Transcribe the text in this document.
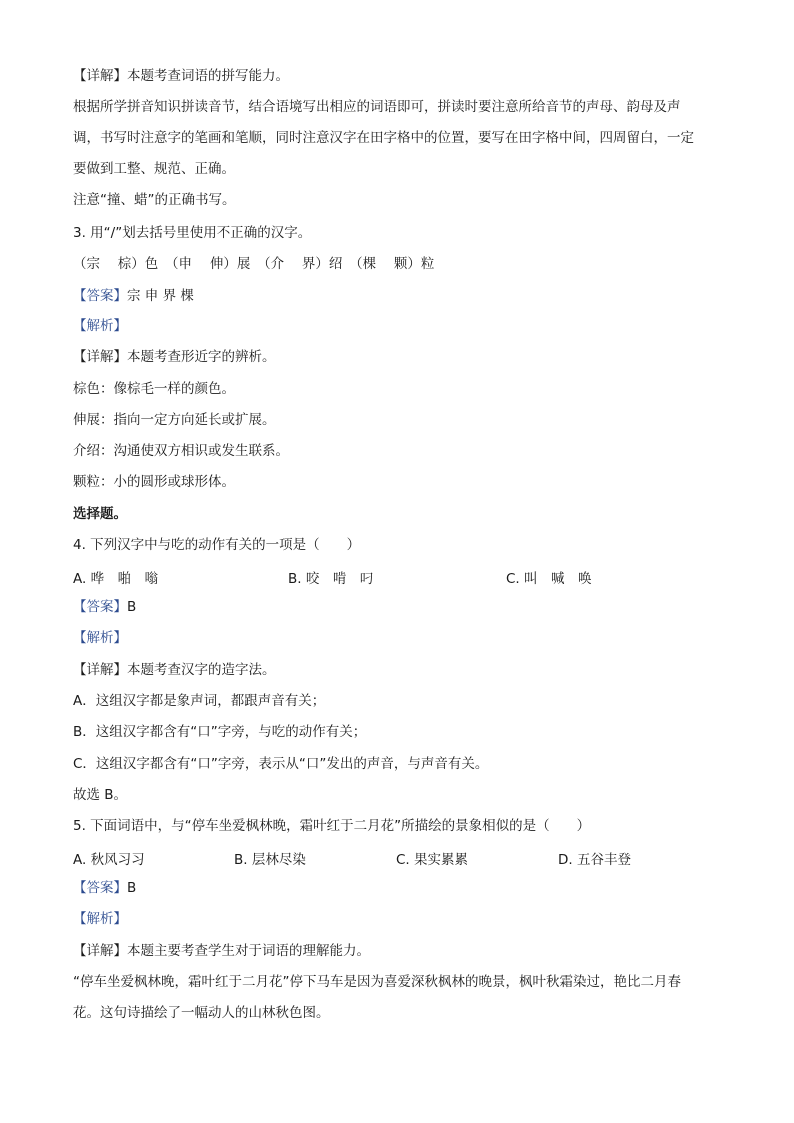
【详解】本题考查词语的拼写能力。
根据所学拼音知识拼读音节，结合语境写出相应的词语即可，拼读时要注意所给音节的声母、韵母及声
调，书写时注意字的笔画和笔顺，同时注意汉字在田字格中的位置，要写在田字格中间，四周留白，一定
要做到工整、规范、正确。
注意“撞、蜡”的正确书写。
3. 用“/”划去括号里使用不正确的汉字。
（宗　 棕）色　（申　 伸）展　（介　 界）绍　（棵　 颗）粒
【答案】宗 申 界 棵
【解析】
【详解】本题考查形近字的辨析。
棕色：像棕毛一样的颜色。
伸展：指向一定方向延长或扩展。
介绍：沟通使双方相识或发生联系。
颗粒：小的圆形或球形体。
选择题。
4. 下列汉字中与吃的动作有关的一项是（　　）
A. 哗　啪　嗡	B. 咬　啃　叼	C. 叫　喊　唤
【答案】B
【解析】
【详解】本题考查汉字的造字法。
A．这组汉字都是象声词，都跟声音有关；
B．这组汉字都含有“口”字旁，与吃的动作有关；
C．这组汉字都含有“口”字旁，表示从“口”发出的声音，与声音有关。
故选 B。
5. 下面词语中，与“停车坐爱枫林晚，霜叶红于二月花”所描绘的景象相似的是（　　）
A. 秋风习习	B. 层林尽染	C. 果实累累	D. 五谷丰登
【答案】B
【解析】
【详解】本题主要考查学生对于词语的理解能力。
“停车坐爱枫林晚，霜叶红于二月花”停下马车是因为喜爱深秋枫林的晚景，枫叶秋霜染过，艳比二月春
花。这句诗描绘了一幅动人的山林秋色图。
